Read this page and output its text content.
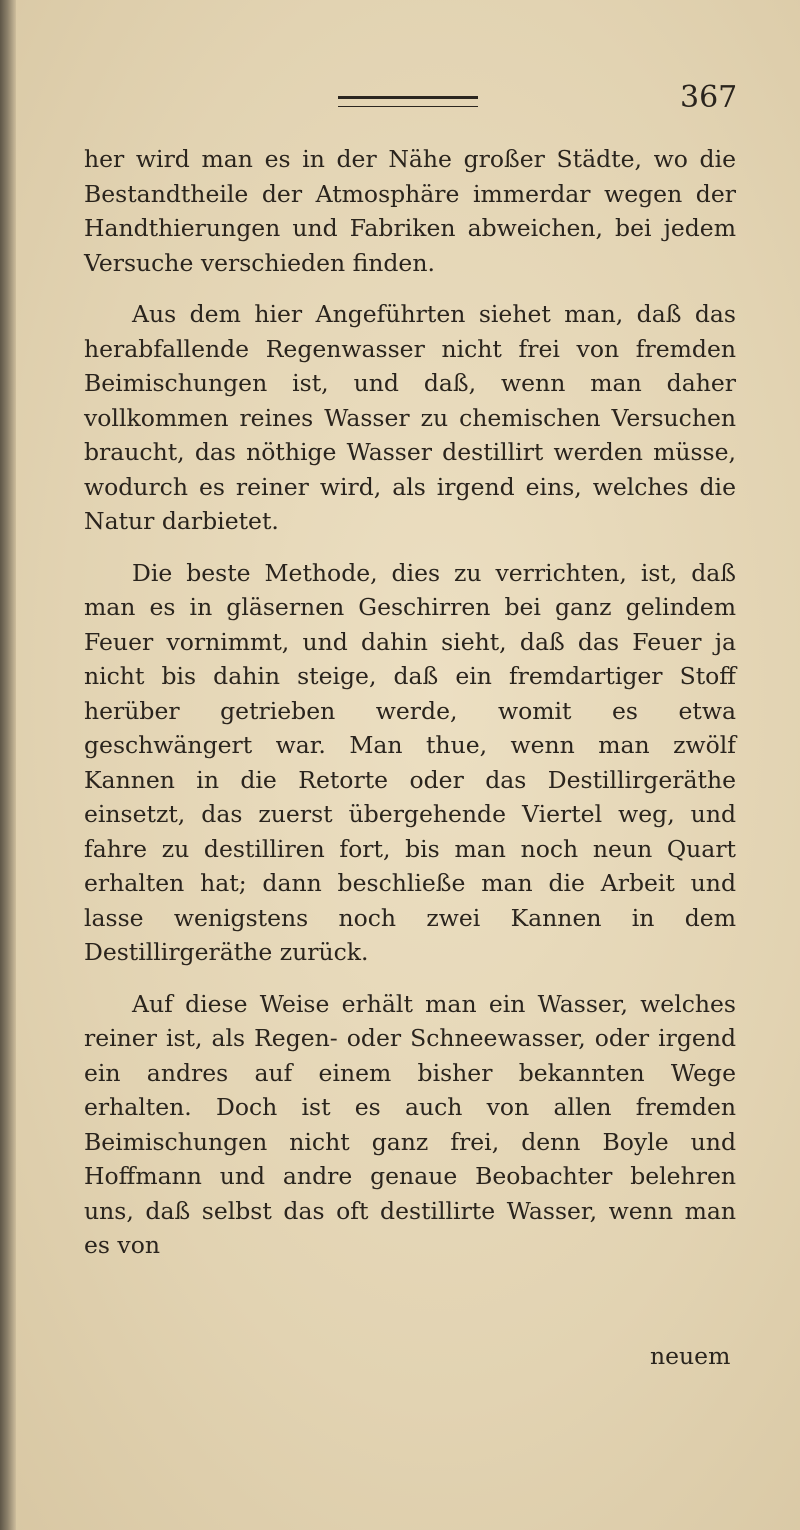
367

her wird man es in der Nähe großer Städte, wo die Bestandtheile der Atmosphäre immerdar wegen der Handthierungen und Fabriken abweichen, bei jedem Versuche verschieden finden.

Aus dem hier Angeführten siehet man, daß das herabfallende Regenwasser nicht frei von fremden Beimischungen ist, und daß, wenn man daher vollkommen reines Wasser zu chemischen Versuchen braucht, das nöthige Wasser destillirt werden müsse, wodurch es reiner wird, als irgend eins, welches die Natur darbietet.

Die beste Methode, dies zu verrichten, ist, daß man es in gläsernen Geschirren bei ganz gelindem Feuer vornimmt, und dahin sieht, daß das Feuer ja nicht bis dahin steige, daß ein fremdartiger Stoff herüber getrieben werde, womit es etwa geschwängert war. Man thue, wenn man zwölf Kannen in die Retorte oder das Destillirgeräthe einsetzt, das zuerst übergehende Viertel weg, und fahre zu destilliren fort, bis man noch neun Quart erhalten hat; dann beschließe man die Arbeit und lasse wenigstens noch zwei Kannen in dem Destillirgeräthe zurück.

Auf diese Weise erhält man ein Wasser, welches reiner ist, als Regen- oder Schneewasser, oder irgend ein andres auf einem bisher bekannten Wege erhalten. Doch ist es auch von allen fremden Beimischungen nicht ganz frei, denn Boyle und Hoffmann und andre genaue Beobachter belehren uns, daß selbst das oft destillirte Wasser, wenn man es von

neuem
